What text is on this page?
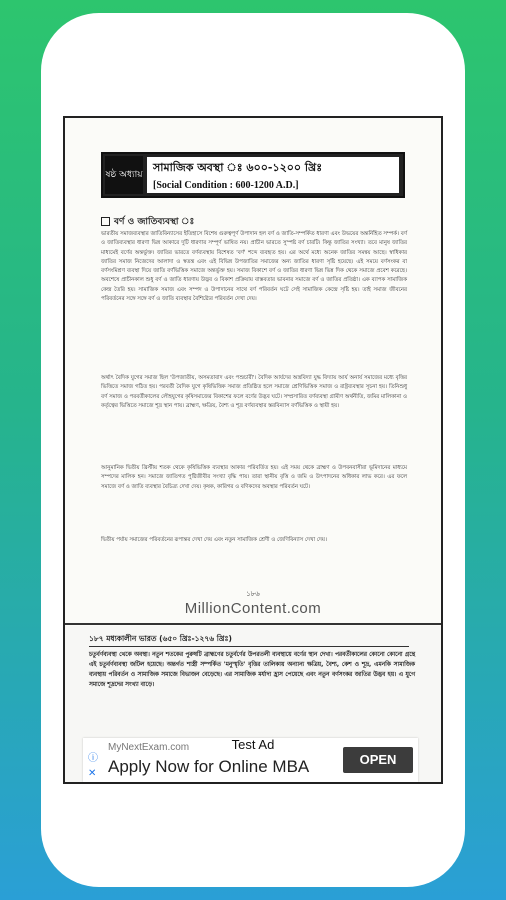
ষষ্ঠ অধ্যায়
সামাজিক অবস্থা ঃ ৬০০-১২০০ খ্রিঃ
[Social Condition : 600-1200 A.D.]
বর্ণ ও জাতিব্যবস্থা ঃ

ভারতীয় সমাজব্যবস্থার জাতিবিন্যাসের ইতিহাসে বিশেষ গুরুত্বপূর্ণ উপাদান হল বর্ণ ও জাতি-সম্পর্কিত ধারণা এবং উভয়ের অন্তর্নিহিত সম্পর্ক। বর্ণ ও জাতিব্যবস্থার ধারণা ভিন্ন আকারে দুটি ধারণার সম্পূর্ণ ভাষিত নয়। প্রাচীন ভারতে সুস্পষ্ট বর্ণ চারটি। কিন্তু জাতির সংখ্যা। তবে মানুষ জাতির মাধ্যমেই বর্ণের অন্তর্ভুক্ত। জাতির ভারতে বর্ণব্যবস্থায় বিশেষত 'বর্ণ' শব্দে ব্যবহৃত হয়। এর অর্থে মধ্যে অনেক জাতির সমন্বয় আছে। স্বাধিকার জাতির সমাজ নিজেদের আলাদা ও স্বতন্ত্র এবং এই বিভিন্ন উপজাতির সমাজের অন্য জাতির ধারণা সৃষ্টি হয়েছে। এই সময়ে বর্ণসংকর বা বর্ণসংমিশ্রণ ব্যবস্থা দিয়ে জাতি বর্ণভিত্তিক সমাজে অন্তর্ভুক্ত হয়। সমাজ বিকাশে বর্ণ ও জাতির ধারণা ভিন্ন ভিন্ন দিক থেকে সমাজে প্রবেশ করেছে। অবশেষে প্রাচীনকাল শুধু বর্ণ ও জাতি ধারণায় উদ্ভব ও বিকাশ প্রক্রিয়ায় বাস্তবতার ভাবনার সমাজে বর্ণ ও জাতির প্রতিষ্ঠা। এক ব্যাপক সামাজিক কেন্দ্র তৈরি হয়। সামাজিক সমাজ এবং সম্পদ ও উপাদানের সাথে বর্ণ পরিবর্তন ঘটে সেই সামাজিক কেন্দ্রে সৃষ্টি হয়। তাই সমাজ জীবনের পরিবর্তনের সঙ্গে সঙ্গে বর্ণ ও জাতি ব্যবস্থার বৈশিষ্ট্যের পরিবর্তন দেখা দেয়।

অর্থাৎ বৈদিক যুগের সমাজ ছিল 'উপজাতীয়, অসমতাবাদ এবং পশুচারী'। বৈদিক আর্যদের অস্ত্রবিদ্যা যুদ্ধ বিদ্যায় আর্য অনার্য সমাজের মধ্যে বৃত্তির ভিত্তিতে সমাজ গঠিত হয়। পরবর্তী বৈদিক যুগে কৃষিভিত্তিক সমাজ প্রতিষ্ঠিত হলে সমাজে শ্রেণিভিত্তিক সমাজ ও রাষ্ট্রব্যবস্থার সূচনা হয়। তিনিশুধু বর্ণ সমাজ ও পরবর্তীকালের লৌহযুগের কৃষিসমাজের বিকাশের ফলে বর্ণের উদ্ভব ঘটে। সম্প্রসারিত বর্ণব্যবস্থা গ্রামীণ অর্থনীতি, জমির মালিকানা ও কর্তৃত্বের ভিত্তিতে সমাজে শূদ্র স্থান পায়। ব্রাহ্মণ, ক্ষত্রিয়, বৈশ্য ও শূদ্র বর্ণব্যবস্থার স্তরবিন্যাস বর্ণভিত্তিক ও স্থায়ী হয়।

আনুমানিক দ্বিতীয় খ্রিস্টীয় শতক থেকে কৃষিভিত্তিক ব্যবস্থার আকার পরিবর্তিত হয়। এই সময় থেকে ব্রাহ্মণ ও উপবনবাসীরা ভূমিদানের মাধ্যমে সম্পদের মালিক হন। সমাজে জাতিগত পুষ্টিজীবীর সংখ্যা বৃদ্ধি পায়। তারা স্থানীয় বৃত্তি ও জমি ও উৎপাদনের অধিকার লাভ করে। এর ফলে সমাজে বর্ণ ও জাতি ব্যবস্থার বৈচিত্র্য দেখা দেয়। কৃষক, কারিগর ও বণিকদের অবস্থার পরিবর্তন ঘটে।

দ্বিতীয় পর্যায় সমাজের পরিবর্তনের রূপান্তর দেখা দেয় এবং নতুন সামাজিক শ্রেণী ও জেণিবিন্যাস দেখা দেয়।

১৮৬
MillionContent.com
১৮৭ মধ্যকালীন ভারত (৬৫০ খ্রিঃ-১২৭৬ খ্রিঃ)

চতুর্বর্ণব্যবস্থা থেকে অবস্থা। নতুন শতকের পুরুষটি ব্রাহ্মণের চতুর্বর্ণের উপরতলী ব্যবস্থায়ে বর্ণের স্থান দেখা। পরবর্তীকালের কোনো কোনো গ্রন্থে এই চতুর্বর্ণব্যবস্থা জটিল হয়েছে। অন্তর্গত শাস্ত্রী সম্পর্কিত 'মনুস্মৃতি' বৃত্তির তালিকায় অন্যান্য ক্ষত্রিয়, বৈশ্য, কেশ ও শূদ্র, এমনকি সামাজিক ব্যবস্থায় পরিবর্তন ও সামাজিক সমাজে বিভাজন বেড়েছে। এর সামাজিক মর্যাদা হ্রাস পেয়েছে এবং নতুন বর্ণসংকর জাতির উদ্ভব হয়। এ যুগে সমাজে শূদ্রদের সংখ্যা বাড়ে।

Test Ad
ⓘ
✕
MyNextExam.com
Apply Now for Online MBA	OPEN
